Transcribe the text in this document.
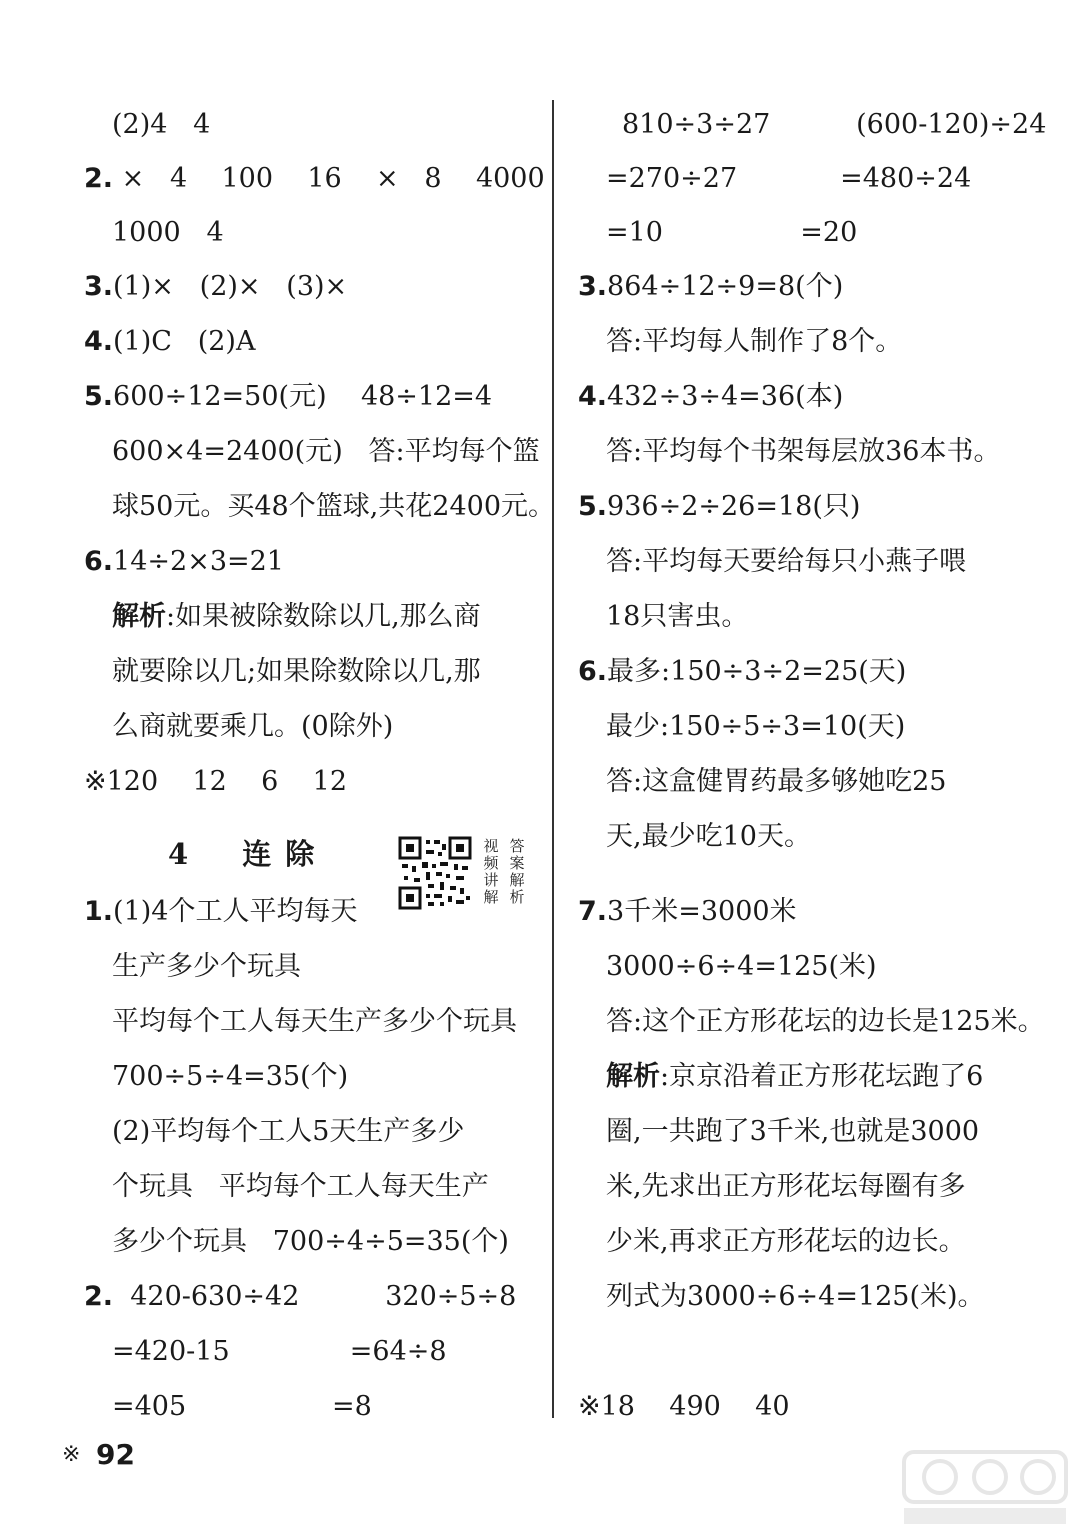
(2)4   4
2. ×   4    100    16    ×   8    4000
1000   4
3.(1)×   (2)×   (3)×
4.(1)C   (2)A
5.600÷12=50(元)    48÷12=4
600×4=2400(元)   答:平均每个篮
球50元。买48个篮球,共花2400元。
6.14÷2×3=21
解析:如果被除数除以几,那么商
就要除以几;如果除数除以几,那
么商就要乘几。(0除外)
※120    12    6    12
1.(1)4个工人平均每天
生产多少个玩具
平均每个工人每天生产多少个玩具
700÷5÷4=35(个)
(2)平均每个工人5天生产多少
个玩具   平均每个工人每天生产
多少个玩具   700÷4÷5=35(个)
2.  420-630÷42          320÷5÷8
=420-15              =64÷8
=405                 =8
810÷3÷27          (600-120)÷24
=270÷27            =480÷24
=10                =20
3.864÷12÷9=8(个)
答:平均每人制作了8个。
4.432÷3÷4=36(本)
答:平均每个书架每层放36本书。
5.936÷2÷26=18(只)
答:平均每天要给每只小燕子喂
18只害虫。
6.最多:150÷3÷2=25(天)
最少:150÷5÷3=10(天)
答:这盒健胃药最多够她吃25
天,最少吃10天。
7.3千米=3000米
3000÷6÷4=125(米)
答:这个正方形花坛的边长是125米。
解析:京京沿着正方形花坛跑了6
圈,一共跑了3千米,也就是3000
米,先求出正方形花坛每圈有多
少米,再求正方形花坛的边长。
列式为3000÷6÷4=125(米)。
※18    490    40
4 连除	视频讲解
答案解析
※ 92
